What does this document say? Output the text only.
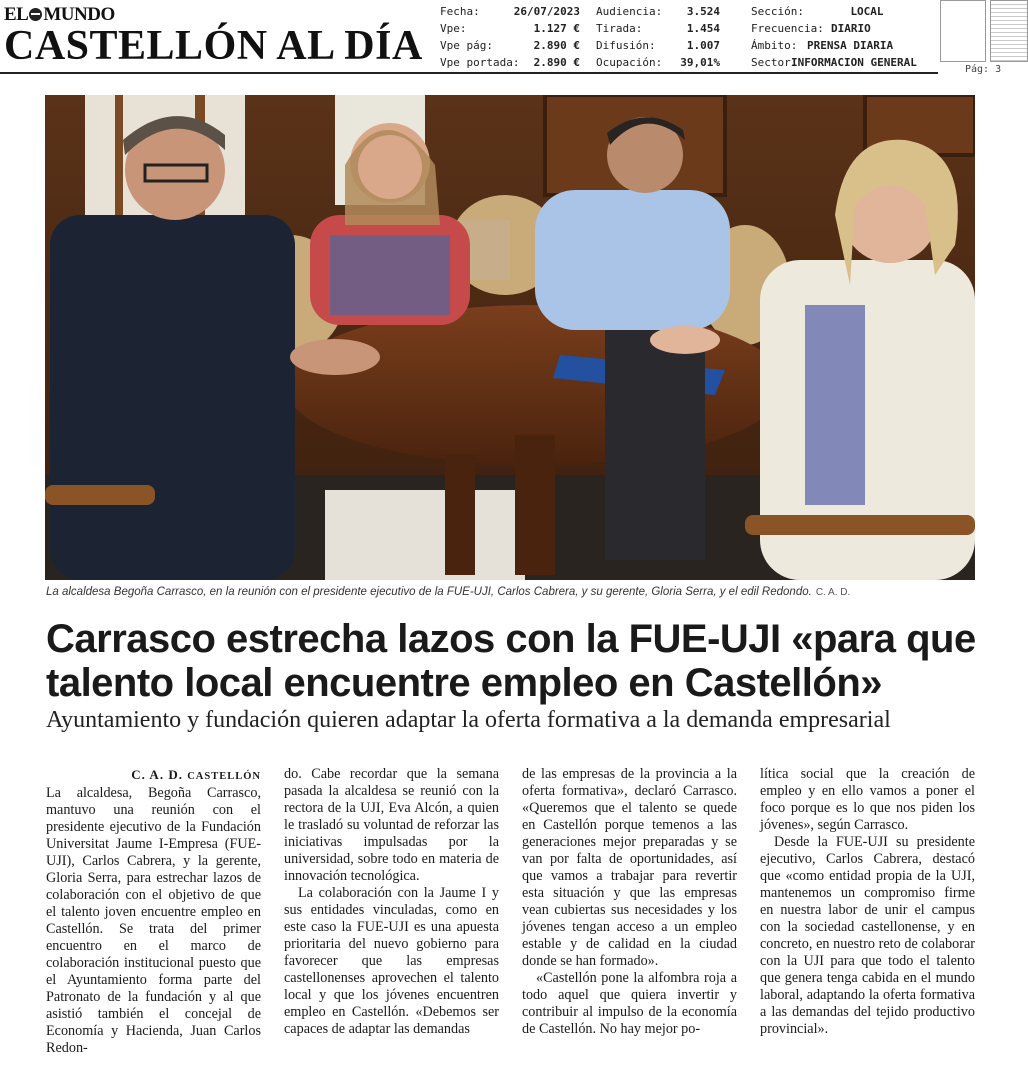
EL MUNDO
CASTELLÓN AL DÍA
Fecha:	26/07/2023
Vpe:	1.127 €
Vpe pág:	2.890 €
Vpe portada: 2.890 €
Audiencia: 3.524
Tirada:	1.454
Difusión:	1.007
Ocupación: 39,01%
Sección:	LOCAL
Frecuencia: DIARIO
Ámbito: PRENSA DIARIA
Sector:INFORMACION GENERAL
Pág: 3
La alcaldesa Begoña Carrasco, en la reunión con el presidente ejecutivo de la FUE-UJI, Carlos Cabrera, y su gerente, Gloria Serra, y el edil Redondo. C. A. D.
Carrasco estrecha lazos con la FUE-UJI «para que talento local encuentre empleo en Castellón»
Ayuntamiento y fundación quieren adaptar la oferta formativa a la demanda empresarial
C. A. D. CASTELLÓN

La alcaldesa, Begoña Carrasco, mantuvo una reunión con el presidente ejecutivo de la Fundación Universitat Jaume I-Empresa (FUE-UJI), Carlos Cabrera, y la gerente, Gloria Serra, para estrechar lazos de colaboración con el objetivo de que el talento joven encuentre empleo en Castellón. Se trata del primer encuentro en el marco de colaboración institucional puesto que el Ayuntamiento forma parte del Patronato de la fundación y al que asistió también el concejal de Economía y Hacienda, Juan Carlos Redon-

do. Cabe recordar que la semana pasada la alcaldesa se reunió con la rectora de la UJI, Eva Alcón, a quien le trasladó su voluntad de reforzar las iniciativas impulsadas por la universidad, sobre todo en materia de innovación tecnológica.

La colaboración con la Jaume I y sus entidades vinculadas, como en este caso la FUE-UJI es una apuesta prioritaria del nuevo gobierno para favorecer que las empresas castellonenses aprovechen el talento local y que los jóvenes encuentren empleo en Castellón. «Debemos ser capaces de adaptar las demandas

de las empresas de la provincia a la oferta formativa», declaró Carrasco. «Queremos que el talento se quede en Castellón porque temenos a las generaciones mejor preparadas y se van por falta de oportunidades, así que vamos a trabajar para revertir esta situación y que las empresas vean cubiertas sus necesidades y los jóvenes tengan acceso a un empleo estable y de calidad en la ciudad donde se han formado».

«Castellón pone la alfombra roja a todo aquel que quiera invertir y contribuir al impulso de la economía de Castellón. No hay mejor po-

lítica social que la creación de empleo y en ello vamos a poner el foco porque es lo que nos piden los jóvenes», según Carrasco.

Desde la FUE-UJI su presidente ejecutivo, Carlos Cabrera, destacó que «como entidad propia de la UJI, mantenemos un compromiso firme en nuestra labor de unir el campus con la sociedad castellonense, y en concreto, en nuestro reto de colaborar con la UJI para que todo el talento que genera tenga cabida en el mundo laboral, adaptando la oferta formativa a las demandas del tejido productivo provincial».
